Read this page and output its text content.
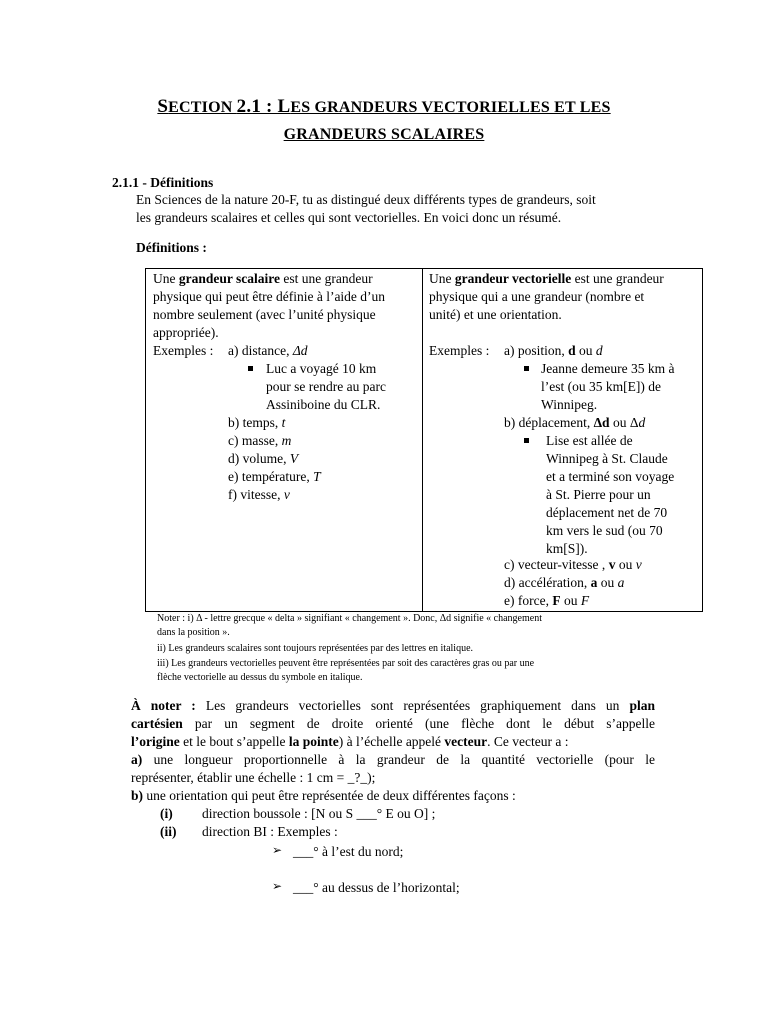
SECTION 2.1 : LES GRANDEURS VECTORIELLES ET LES
GRANDEURS SCALAIRES
2.1.1 - Définitions
En Sciences de la nature 20-F, tu as distingué deux différents types de grandeurs, soit
les grandeurs scalaires et celles qui sont vectorielles. En voici donc un résumé.
Définitions :
Une grandeur scalaire est une grandeur
physique qui peut être définie à l’aide d’un
nombre seulement (avec l’unité physique
appropriée).
Exemples : a) distance, Δd
Luc a voyagé 10 km
pour se rendre au parc
Assiniboine du CLR.
b) temps, t
c) masse, m
d) volume, V
e) température, T
f) vitesse, v
Une grandeur vectorielle est une grandeur
physique qui a une grandeur (nombre et
unité) et une orientation.
Exemples : a) position, d ou d
Jeanne demeure 35 km à
l’est (ou 35 km[E]) de
Winnipeg.
b) déplacement, Δd ou Δd
Lise est allée de
Winnipeg à St. Claude
et a terminé son voyage
à St. Pierre pour un
déplacement net de 70
km vers le sud (ou 70
km[S]).
c) vecteur-vitesse , v ou v
d) accélération, a ou a
e) force, F ou F
Noter : i) Δ - lettre grecque « delta » signifiant « changement ». Donc, Δd signifie « changement
dans la position ».
ii) Les grandeurs scalaires sont toujours représentées par des lettres en italique.
iii) Les grandeurs vectorielles peuvent être représentées par soit des caractères gras ou par une
flèche vectorielle au dessus du symbole en italique.
À noter : Les grandeurs vectorielles sont représentées graphiquement dans un plan
cartésien par un segment de droite orienté (une flèche dont le début s’appelle
l’origine et le bout s’appelle la pointe) à l’échelle appelé vecteur. Ce vecteur a :
a) une longueur proportionnelle à la grandeur de la quantité vectorielle (pour le
représenter, établir une échelle : 1 cm = _?_);
b) une orientation qui peut être représentée de deux différentes façons :
(i) direction boussole : [N ou S ___° E ou O] ;
(ii) direction BI : Exemples :
➢ ___° à l’est du nord;
➢ ___° au dessus de l’horizontal;
